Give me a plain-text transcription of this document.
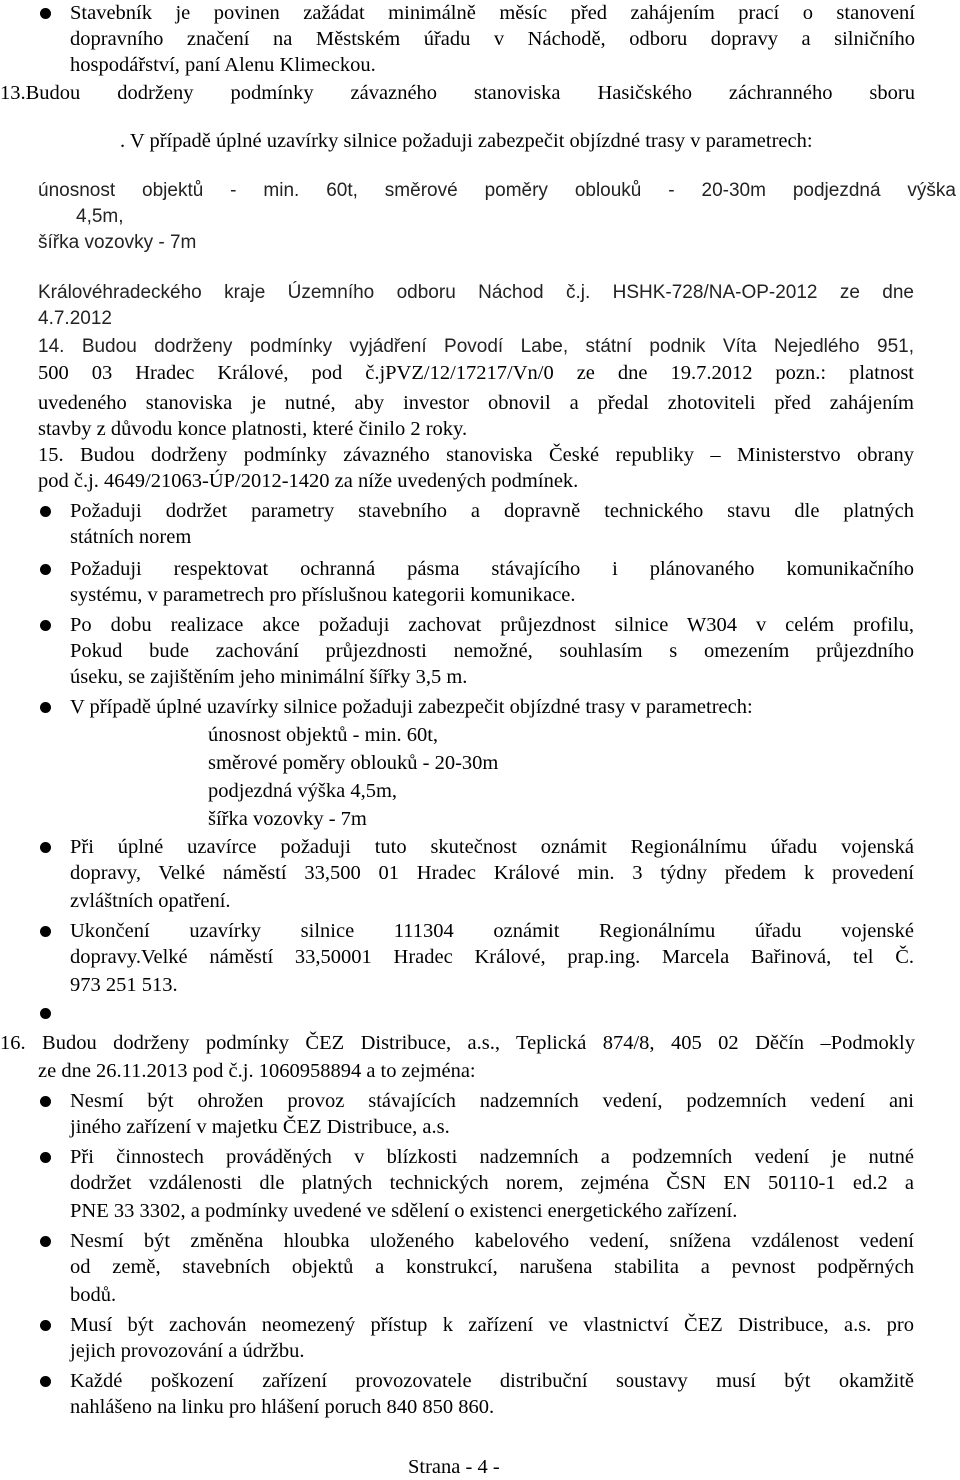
Stavebník je povinen zažádat minimálně měsíc před zahájením prací o stanovení
dopravního značení na Městském úřadu v Náchodě, odboru dopravy a silničního
hospodářství, paní Alenu Klimeckou.
13.Budou dodrženy podmínky závazného stanoviska Hasičského záchranného sboru
. V případě úplné uzavírky silnice požaduji zabezpečit objízdné trasy v parametrech:
únosnost objektů - min. 60t, směrové poměry oblouků - 20-30m podjezdná výška
4,5m,
šířka vozovky - 7m
Královéhradeckého kraje Územního odboru Náchod č.j. HSHK-728/NA-OP-2012 ze dne
4.7.2012
14. Budou dodrženy podmínky vyjádření Povodí Labe, státní podnik Víta Nejedlého 951,
500 03 Hradec Králové, pod č.jPVZ/12/17217/Vn/0 ze dne 19.7.2012 pozn.: platnost
uvedeného stanoviska je nutné, aby investor obnovil a předal zhotoviteli před zahájením
stavby z důvodu konce platnosti, které činilo 2 roky.
15. Budou dodrženy podmínky závazného stanoviska České republiky – Ministerstvo obrany
pod č.j. 4649/21063-ÚP/2012-1420 za níže uvedených podmínek.
Požaduji dodržet parametry stavebního a dopravně technického stavu dle platných
státních norem
Požaduji respektovat ochranná pásma stávajícího i plánovaného komunikačního
systému, v parametrech pro příslušnou kategorii komunikace.
Po dobu realizace akce požaduji zachovat průjezdnost silnice W304 v celém profilu,
Pokud bude zachování průjezdnosti nemožné, souhlasím s omezením průjezdního
úseku, se zajištěním jeho minimální šířky 3,5 m.
V případě úplné uzavírky silnice požaduji zabezpečit objízdné trasy v parametrech:
únosnost objektů - min. 60t,
směrové poměry oblouků - 20-30m
podjezdná výška 4,5m,
šířka vozovky - 7m
Při úplné uzavírce požaduji tuto skutečnost oznámit Regionálnímu úřadu vojenská
dopravy, Velké náměstí 33,500 01 Hradec Králové min. 3 týdny předem k provedení
zvláštních opatření.
Ukončení uzavírky silnice 111304 oznámit Regionálnímu úřadu vojenské
dopravy.Velké náměstí 33,50001 Hradec Králové, prap.ing. Marcela Bařinová, tel Č.
973 251 513.
16. Budou dodrženy podmínky ČEZ Distribuce, a.s., Teplická 874/8, 405 02 Děčín –Podmokly
ze dne 26.11.2013 pod č.j. 1060958894 a to zejména:
Nesmí být ohrožen provoz stávajících nadzemních vedení, podzemních vedení ani
jiného zařízení v majetku ČEZ Distribuce, a.s.
Při činnostech prováděných v blízkosti nadzemních a podzemních vedení je nutné
dodržet vzdálenosti dle platných technických norem, zejména ČSN EN 50110-1 ed.2 a
PNE 33 3302, a podmínky uvedené ve sdělení o existenci energetického zařízení.
Nesmí být změněna hloubka uloženého kabelového vedení, snížena vzdálenost vedení
od země, stavebních objektů a konstrukcí, narušena stabilita a pevnost podpěrných
bodů.
Musí být zachován neomezený přístup k zařízení ve vlastnictví ČEZ Distribuce, a.s. pro
jejich provozování a údržbu.
Každé poškození zařízení provozovatele distribuční soustavy musí být okamžitě
nahlášeno na linku pro hlášení poruch 840 850 860.
Strana - 4 -
